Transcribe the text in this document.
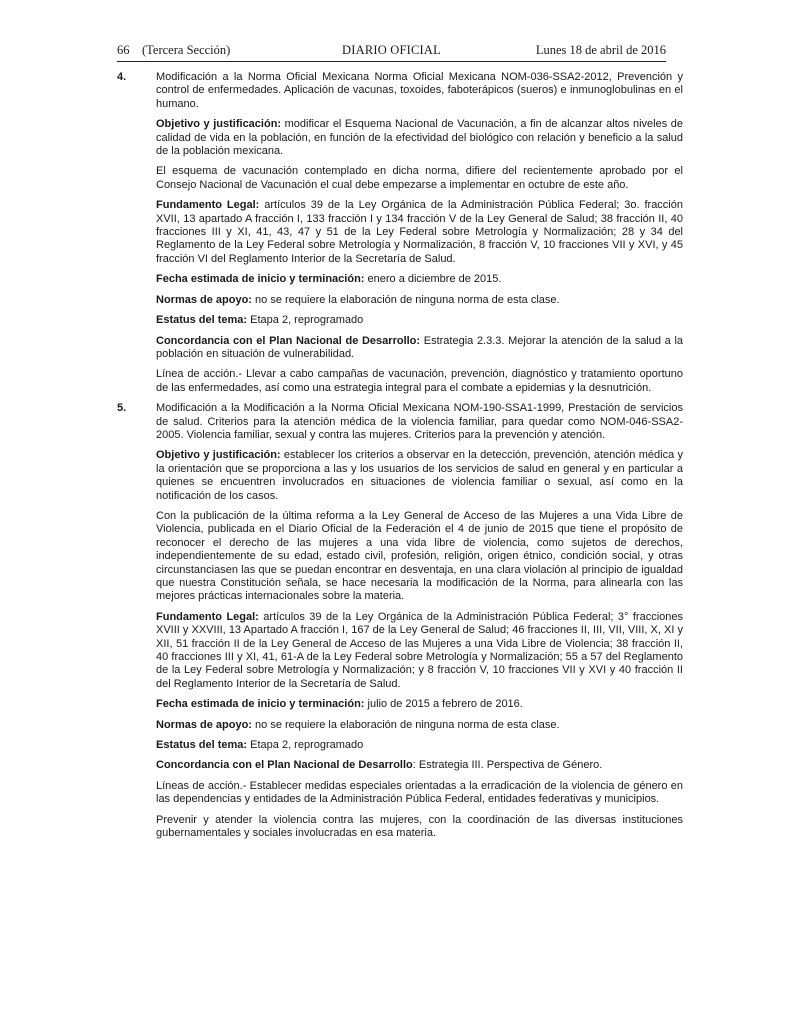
66 (Tercera Sección)	DIARIO OFICIAL	Lunes 18 de abril de 2016
4.	Modificación a la Norma Oficial Mexicana Norma Oficial Mexicana NOM-036-SSA2-2012, Prevención y control de enfermedades. Aplicación de vacunas, toxoides, faboterápicos (sueros) e inmunoglobulinas en el humano.

Objetivo y justificación: modificar el Esquema Nacional de Vacunación, a fin de alcanzar altos niveles de calidad de vida en la población, en función de la efectividad del biológico con relación y beneficio a la salud de la población mexicana.

El esquema de vacunación contemplado en dicha norma, difiere del recientemente aprobado por el Consejo Nacional de Vacunación el cual debe empezarse a implementar en octubre de este año.

Fundamento Legal: artículos 39 de la Ley Orgánica de la Administración Pública Federal; 3o. fracción XVII, 13 apartado A fracción I, 133 fracción I y 134 fracción V de la Ley General de Salud; 38 fracción II, 40 fracciones III y XI, 41, 43, 47 y 51 de la Ley Federal sobre Metrología y Normalización; 28 y 34 del Reglamento de la Ley Federal sobre Metrología y Normalización, 8 fracción V, 10 fracciones VII y XVI, y 45 fracción VI del Reglamento Interior de la Secretaría de Salud.

Fecha estimada de inicio y terminación: enero a diciembre de 2015.

Normas de apoyo: no se requiere la elaboración de ninguna norma de esta clase.

Estatus del tema: Etapa 2, reprogramado

Concordancia con el Plan Nacional de Desarrollo: Estrategia 2.3.3. Mejorar la atención de la salud a la población en situación de vulnerabilidad.

Línea de acción.- Llevar a cabo campañas de vacunación, prevención, diagnóstico y tratamiento oportuno de las enfermedades, así como una estrategia integral para el combate a epidemias y la desnutrición.

5.	Modificación a la Modificación a la Norma Oficial Mexicana NOM-190-SSA1-1999, Prestación de servicios de salud. Criterios para la atención médica de la violencia familiar, para quedar como NOM-046-SSA2-2005. Violencia familiar, sexual y contra las mujeres. Criterios para la prevención y atención.

Objetivo y justificación: establecer los criterios a observar en la detección, prevención, atención médica y la orientación que se proporciona a las y los usuarios de los servicios de salud en general y en particular a quienes se encuentren involucrados en situaciones de violencia familiar o sexual, así como en la notificación de los casos.

Con la publicación de la última reforma a la Ley General de Acceso de las Mujeres a una Vida Libre de Violencia, publicada en el Diario Oficial de la Federación el 4 de junio de 2015 que tiene el propósito de reconocer el derecho de las mujeres a una vida libre de violencia, como sujetos de derechos, independientemente de su edad, estado civil, profesión, religión, origen étnico, condición social, y otras circunstanciasen las que se puedan encontrar en desventaja, en una clara violación al principio de igualdad que nuestra Constitución señala, se hace necesaria la modificación de la Norma, para alinearla con las mejores prácticas internacionales sobre la materia.

Fundamento Legal: artículos 39 de la Ley Orgánica de la Administración Pública Federal; 3° fracciones XVIII y XXVIII, 13 Apartado A fracción I, 167 de la Ley General de Salud; 46 fracciones II, III, VII, VIII, X, XI y XII, 51 fracción II de la Ley General de Acceso de las Mujeres a una Vida Libre de Violencia; 38 fracción II, 40 fracciones III y XI, 41, 61-A de la Ley Federal sobre Metrología y Normalización; 55 a 57 del Reglamento de la Ley Federal sobre Metrología y Normalización; y 8 fracción V, 10 fracciones VII y XVI y 40 fracción II del Reglamento Interior de la Secretaría de Salud.

Fecha estimada de inicio y terminación: julio de 2015 a febrero de 2016.

Normas de apoyo: no se requiere la elaboración de ninguna norma de esta clase.

Estatus del tema: Etapa 2, reprogramado

Concordancia con el Plan Nacional de Desarrollo: Estrategia III. Perspectiva de Género.

Líneas de acción.- Establecer medidas especiales orientadas a la erradicación de la violencia de género en las dependencias y entidades de la Administración Pública Federal, entidades federativas y municipios.

Prevenir y atender la violencia contra las mujeres, con la coordinación de las diversas instituciones gubernamentales y sociales involucradas en esa materia.
